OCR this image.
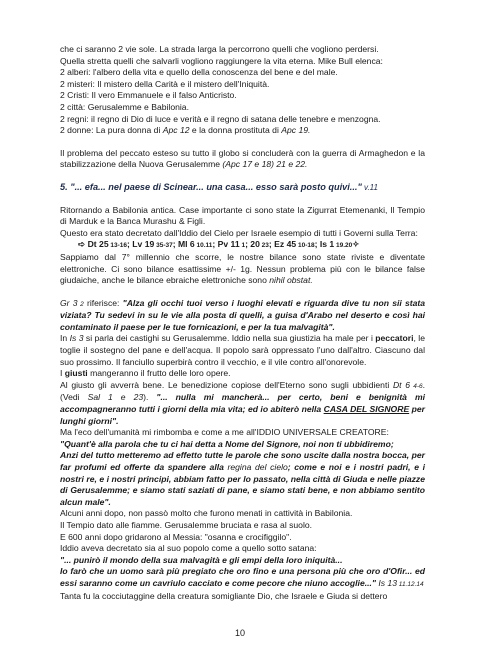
che ci saranno 2 vie sole. La strada larga la percorrono quelli che vogliono perdersi.

Quella stretta quelli che salvarli vogliono raggiungere la vita eterna. Mike Bull elenca:

2 alberi: l'albero della vita e quello della conoscenza del bene e del male.

2 misteri: Il mistero della Carità e il mistero dell'Iniquità.

2 Cristi: Il vero Emmanuele e il falso Anticristo.

2 città: Gerusalemme e Babilonia.

2 regni: il regno di Dio di luce e verità e il regno di satana delle tenebre e menzogna.

2 donne: La pura donna di Apc 12 e la donna prostituta di Apc 19.

Il problema del peccato esteso su tutto il globo si concluderà con la guerra di Armaghedon e la stabilizzazione della Nuova Gerusalemme (Apc 17 e 18) 21 e 22.

5. "... efa... nel paese di Scinear... una casa... esso sarà posto quivi..." v.11

Ritornando a Babilonia antica. Case importante ci sono state la Zigurrat Etemenanki, Il Tempio di Marduk e la Banca Murashu & Figli.

Questo era stato decretato dall'Iddio del Cielo per Israele esempio di tutti i Governi sulla Terra:

➪ Dt 25 13-16; Lv 19 35-37; Ml 6 10.11; Pv 11 1; 20 23; Ez 45 10-18; Is 1 19.20✧

Sappiamo dal 7° millennio che scorre, le nostre bilance sono state riviste e diventate elettroniche. Ci sono bilance esattissime +/- 1g. Nessun problema più con le bilance false giudaiche, anche le bilance ebraiche elettroniche sono nihil obstat.

Gr 3 2 riferisce: "Alza gli occhi tuoi verso i luoghi elevati e riguarda dive tu non sii stata viziata? Tu sedevi in su le vie alla posta di quelli, a guisa d'Arabo nel deserto e così hai contaminato il paese per le tue fornicazioni, e per la tua malvagità".

In Is 3 si parla dei castighi su Gerusalemme. Iddio nella sua giustizia ha male per i peccatori, le toglie il sostegno del pane e dell'acqua. Il popolo sarà oppressato l'uno dall'altro. Ciascuno dal suo prossimo. Il fanciullo superbirà contro il vecchio, e il vile contro all'onorevole.

I giusti mangeranno il frutto delle loro opere.

Al giusto gli avverrà bene. Le benedizione copiose dell'Eterno sono sugli ubbidienti Dt 6 4-6. (Vedi Sal 1 e 23). "... nulla mi mancherà... per certo, beni e benignità mi accompagneranno tutti i giorni della mia vita; ed io abiterò nella CASA DEL SIGNORE per lunghi giorni".

Ma l'eco dell'umanità mi rimbomba e come a me all'IDDIO UNIVERSALE CREATORE:

"Quant'è alla parola che tu ci hai detta a Nome del Signore, noi non ti ubbidiremo;

Anzi del tutto metteremo ad effetto tutte le parole che sono uscite dalla nostra bocca, per far profumi ed offerte da spandere alla regina del cielo; come e noi e i nostri padri, e i nostri re, e i nostri principi, abbiam fatto per lo passato, nella città di Giuda e nelle piazze di Gerusalemme; e siamo stati saziati di pane, e siamo stati bene, e non abbiamo sentito alcun male".

Alcuni anni dopo, non passò molto che furono menati in cattività in Babilonia.

Il Tempio dato alle fiamme. Gerusalemme bruciata e rasa al suolo.

E 600 anni dopo gridarono al Messia: "osanna e crocifiggilo".

Iddio aveva decretato sia al suo popolo come a quello sotto satana:

"... punirò il mondo della sua malvagità e gli empi della loro iniquità...

Io farò che un uomo sarà più pregiato che oro fino e una persona più che oro d'Ofir... ed essi saranno come un cavriulo cacciato e come pecore che niuno accoglie..." Is 13 11.12.14

Tanta fu la cocciutaggine della creatura somigliante Dio, che Israele e Giuda si dettero

10
